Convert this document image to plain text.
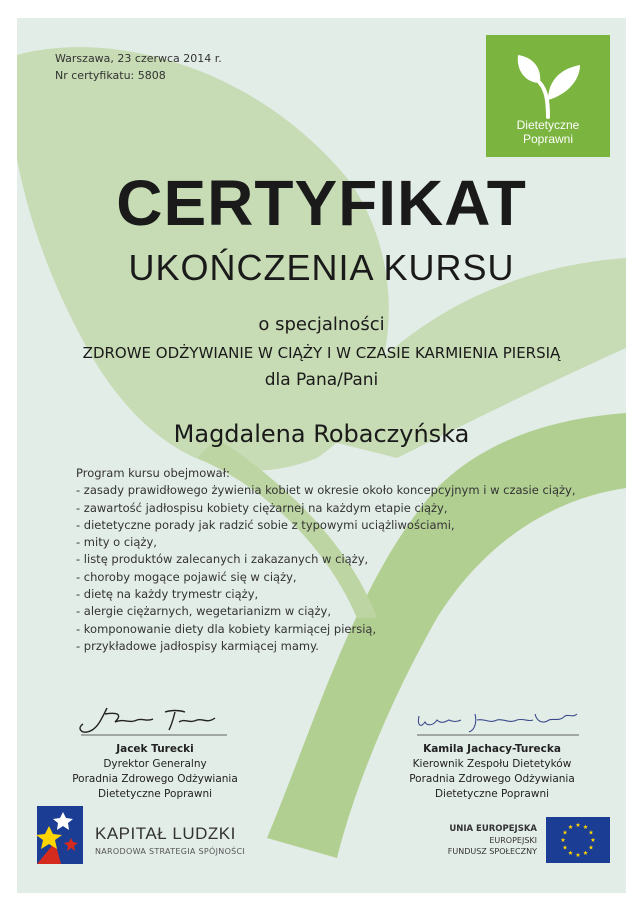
Warszawa, 23 czerwca 2014 r.
Nr certyfikatu: 5808
Dietetyczne
Poprawni
CERTYFIKAT
UKOŃCZENIA KURSU
o specjalności
ZDROWE ODŻYWIANIE W CIĄŻY I W CZASIE KARMIENIA PIERSIĄ
dla Pana/Pani
Magdalena Robaczyńska
Program kursu obejmował:
- zasady prawidłowego żywienia kobiet w okresie około koncepcyjnym i w czasie ciąży,
- zawartość jadłospisu kobiety ciężarnej na każdym etapie ciąży,
- dietetyczne porady jak radzić sobie z typowymi uciążliwościami,
- mity o ciąży,
- listę produktów zalecanych i zakazanych w ciąży,
- choroby mogące pojawić się w ciąży,
- dietę na każdy trymestr ciąży,
- alergie ciężarnych, wegetarianizm w ciąży,
- komponowanie diety dla kobiety karmiącej piersią,
- przykładowe jadłospisy karmiącej mamy.
Jacek Turecki
Dyrektor Generalny
Poradnia Zdrowego Odżywiania
Dietetyczne Poprawni
Kamila Jachacy-Turecka
Kierownik Zespołu Dietetyków
Poradnia Zdrowego Odżywiania
Dietetyczne Poprawni
KAPITAŁ LUDZKI
NARODOWA STRATEGIA SPÓJNOŚCI
UNIA EUROPEJSKA
EUROPEJSKI
FUNDUSZ SPOŁECZNY
